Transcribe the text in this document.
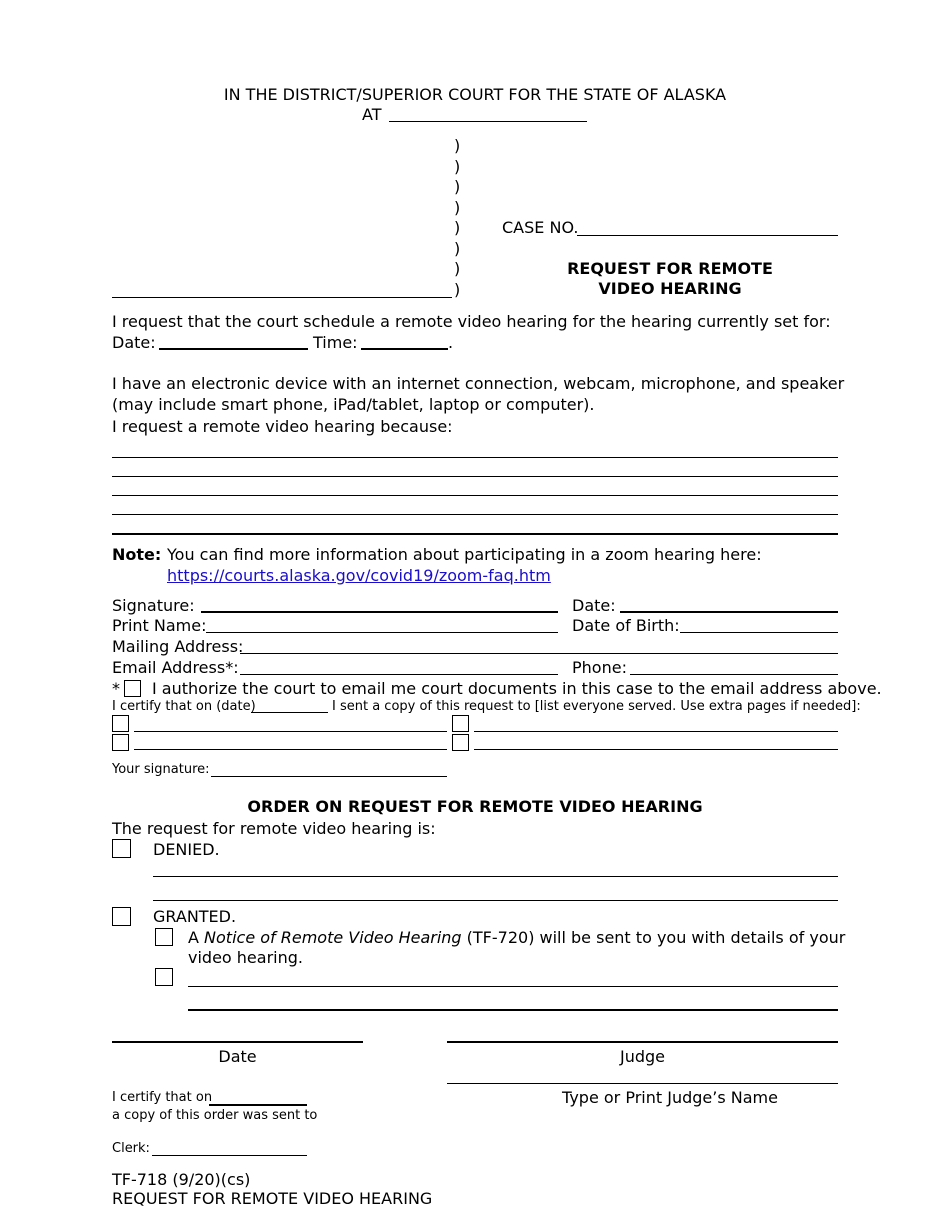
IN THE DISTRICT/SUPERIOR COURT FOR THE STATE OF ALASKA
AT
)
)
)
)
)
)
)
)
CASE NO.
REQUEST FOR REMOTE
VIDEO HEARING
I request that the court schedule a remote video hearing for the hearing currently set for:
Date:	Time:	.
I have an electronic device with an internet connection, webcam, microphone, and speaker
(may include smart phone, iPad/tablet, laptop or computer).
I request a remote video hearing because:
Note: You can find more information about participating in a zoom hearing here:
https://courts.alaska.gov/covid19/zoom-faq.htm
Signature:	Date:
Print Name:	Date of Birth:
Mailing Address:
Email Address*:	Phone:
* I authorize the court to email me court documents in this case to the email address above.
I certify that on (date)	I sent a copy of this request to [list everyone served. Use extra pages if needed]:
Your signature:
ORDER ON REQUEST FOR REMOTE VIDEO HEARING
The request for remote video hearing is:
DENIED.
GRANTED.
A Notice of Remote Video Hearing (TF-720) will be sent to you with details of your
video hearing.
Date	Judge
Type or Print Judge’s Name
I certify that on
a copy of this order was sent to
Clerk:
TF-718 (9/20)(cs)
REQUEST FOR REMOTE VIDEO HEARING
